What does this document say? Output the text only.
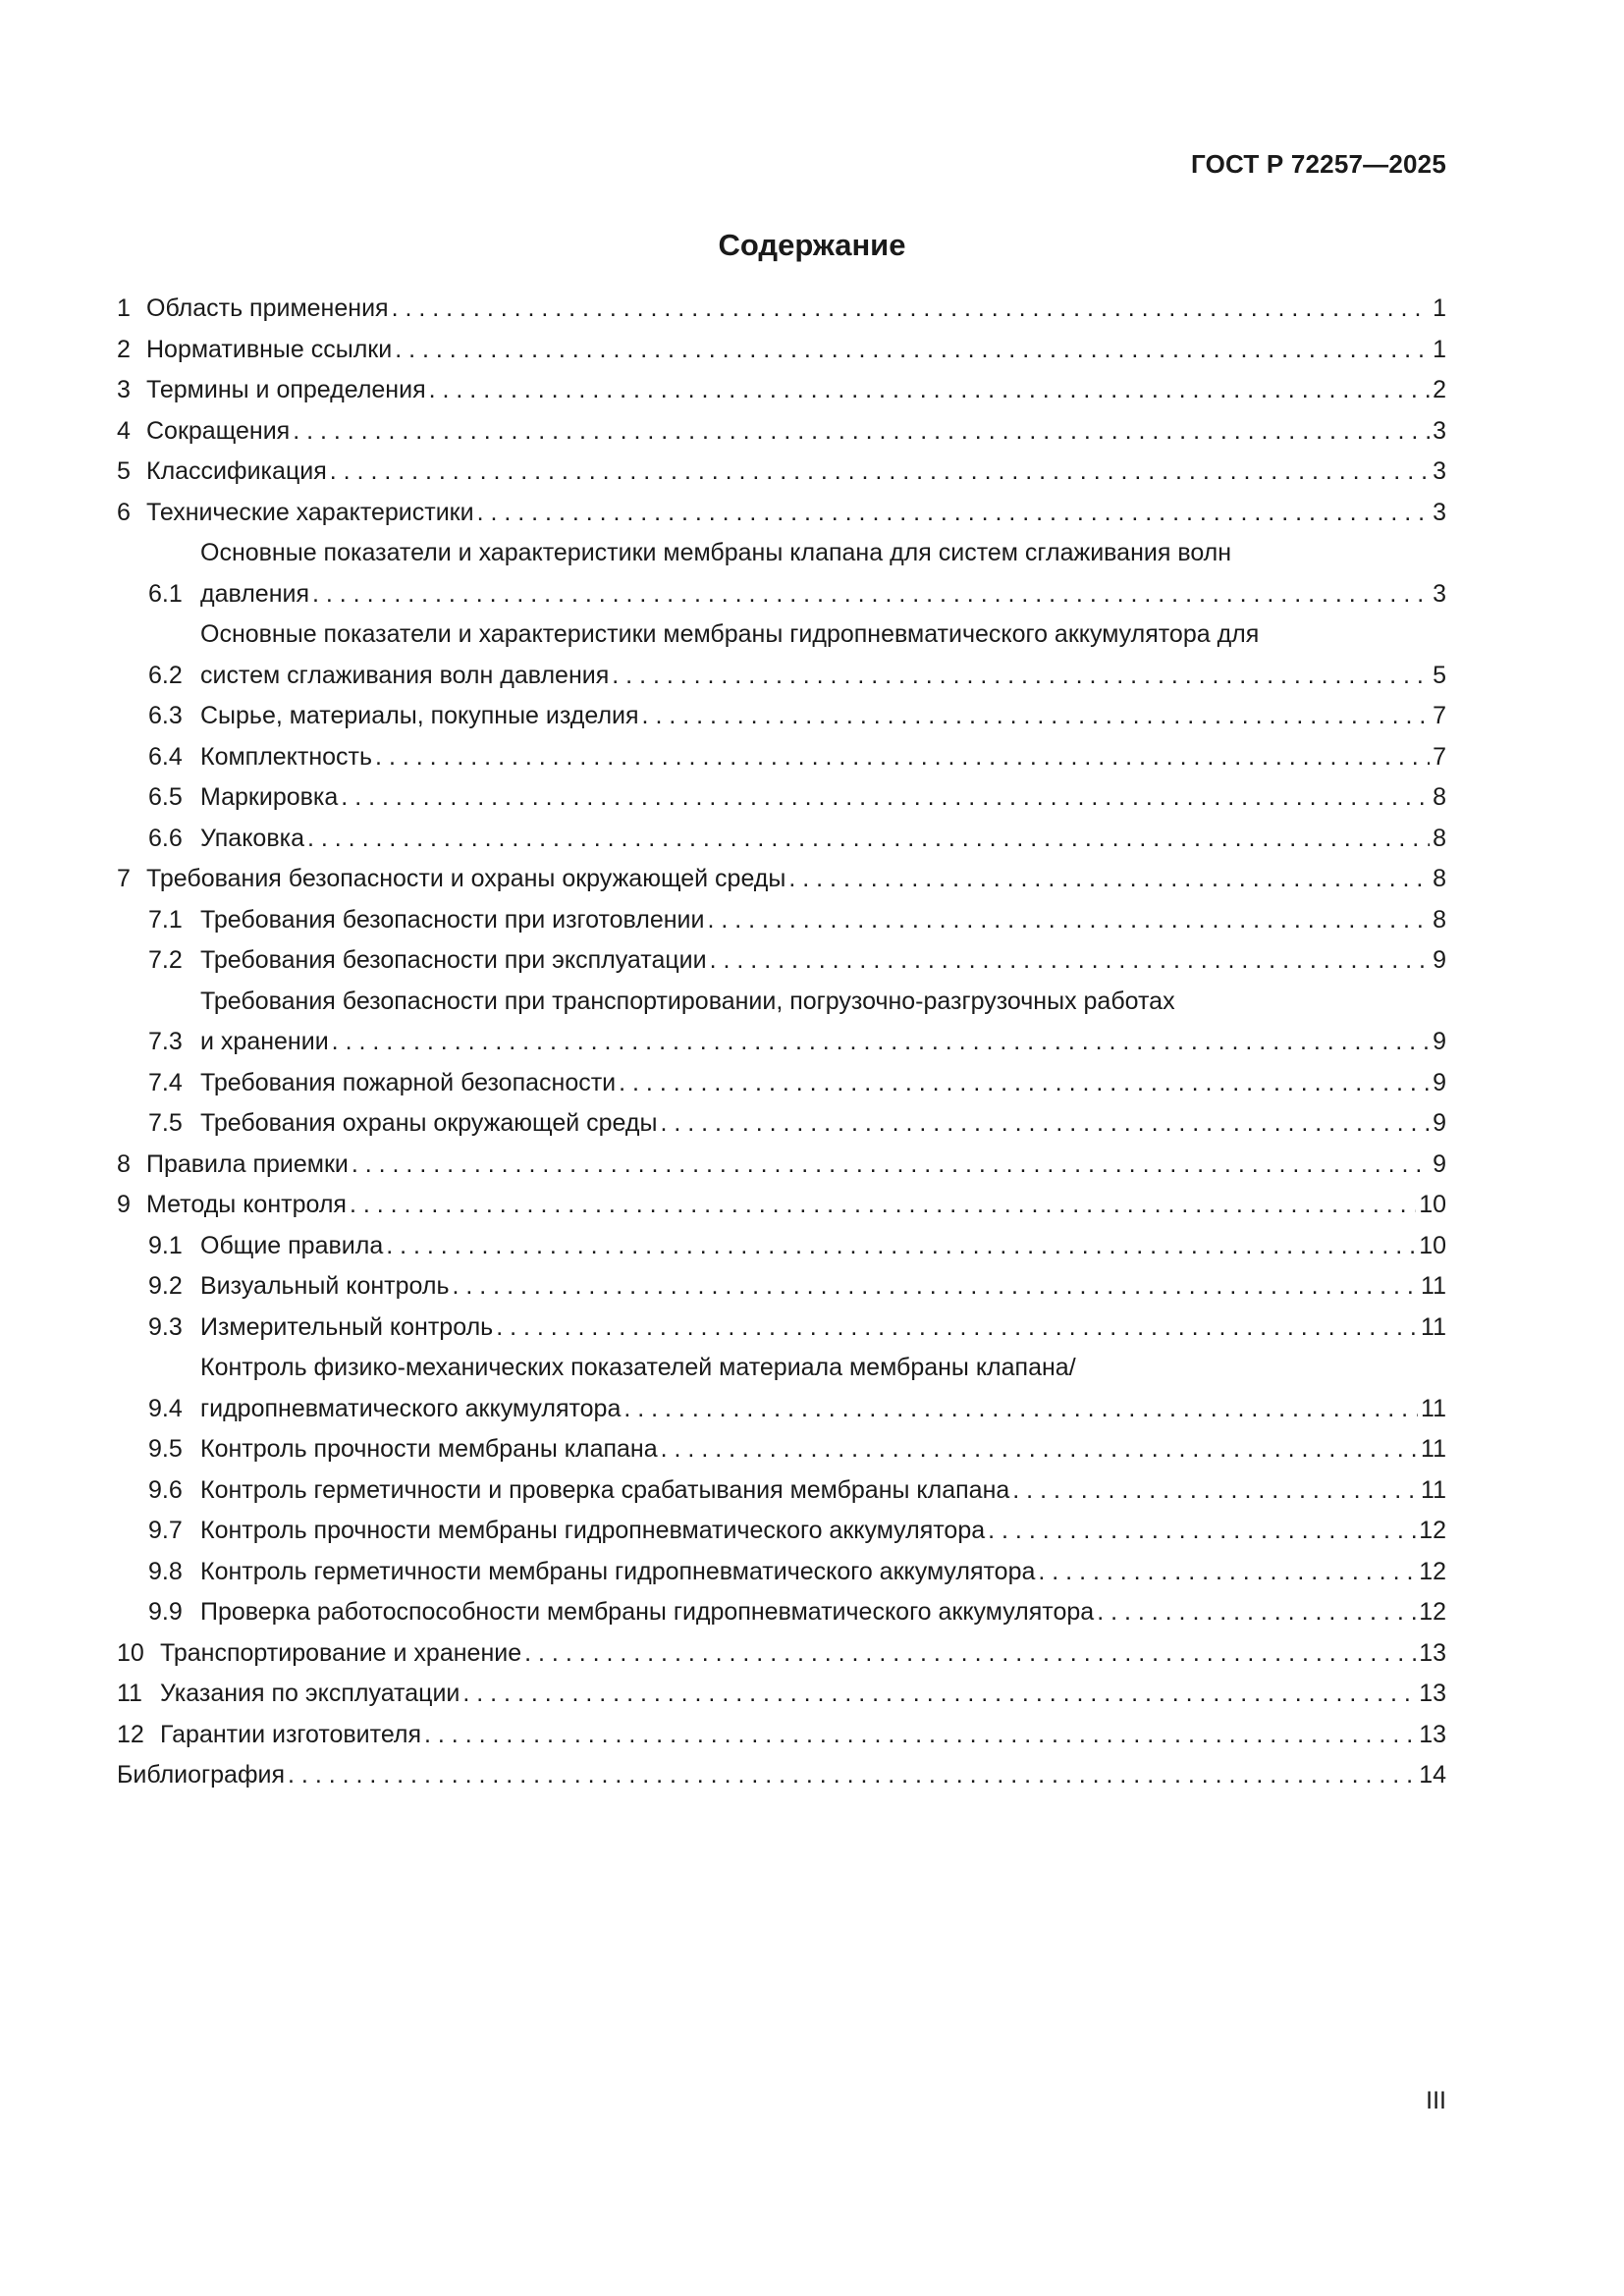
ГОСТ Р 72257—2025
Содержание
1 Область применения . . .	1
2 Нормативные ссылки . . .	1
3 Термины и определения . . .	2
4 Сокращения . . .	3
5 Классификация . . .	3
6 Технические характеристики . . .	3
6.1
Основные показатели и характеристики мембраны клапана для систем сглаживания волн
давления . . .	3
6.2
Основные показатели и характеристики мембраны гидропневматического аккумулятора для
систем сглаживания волн давления . . .	5
6.3 Сырье, материалы, покупные изделия . . .	7
6.4 Комплектность . . .	7
6.5 Маркировка . . .	8
6.6 Упаковка . . .	8
7 Требования безопасности и охраны окружающей среды . . .	8
7.1 Требования безопасности при изготовлении . . .	8
7.2 Требования безопасности при эксплуатации . . .	9
7.3
Требования безопасности при транспортировании, погрузочно-разгрузочных работах
и хранении . . .	9
7.4 Требования пожарной безопасности . . .	9
7.5 Требования охраны окружающей среды . . .	9
8 Правила приемки . . .	9
9 Методы контроля . . .	10
9.1 Общие правила . . .	10
9.2 Визуальный контроль . . .	11
9.3 Измерительный контроль . . .	11
9.4
Контроль физико-механических показателей материала мембраны клапана/
гидропневматического аккумулятора . . .	11
9.5 Контроль прочности мембраны клапана . . .	11
9.6 Контроль герметичности и проверка срабатывания мембраны клапана . . .	11
9.7 Контроль прочности мембраны гидропневматического аккумулятора . . .	12
9.8 Контроль герметичности мембраны гидропневматического аккумулятора . . .	12
9.9 Проверка работоспособности мембраны гидропневматического аккумулятора . . .	12
10 Транспортирование и хранение . . .	13
11 Указания по эксплуатации . . .	13
12 Гарантии изготовителя . . .	13
Библиография . . .	14
III
